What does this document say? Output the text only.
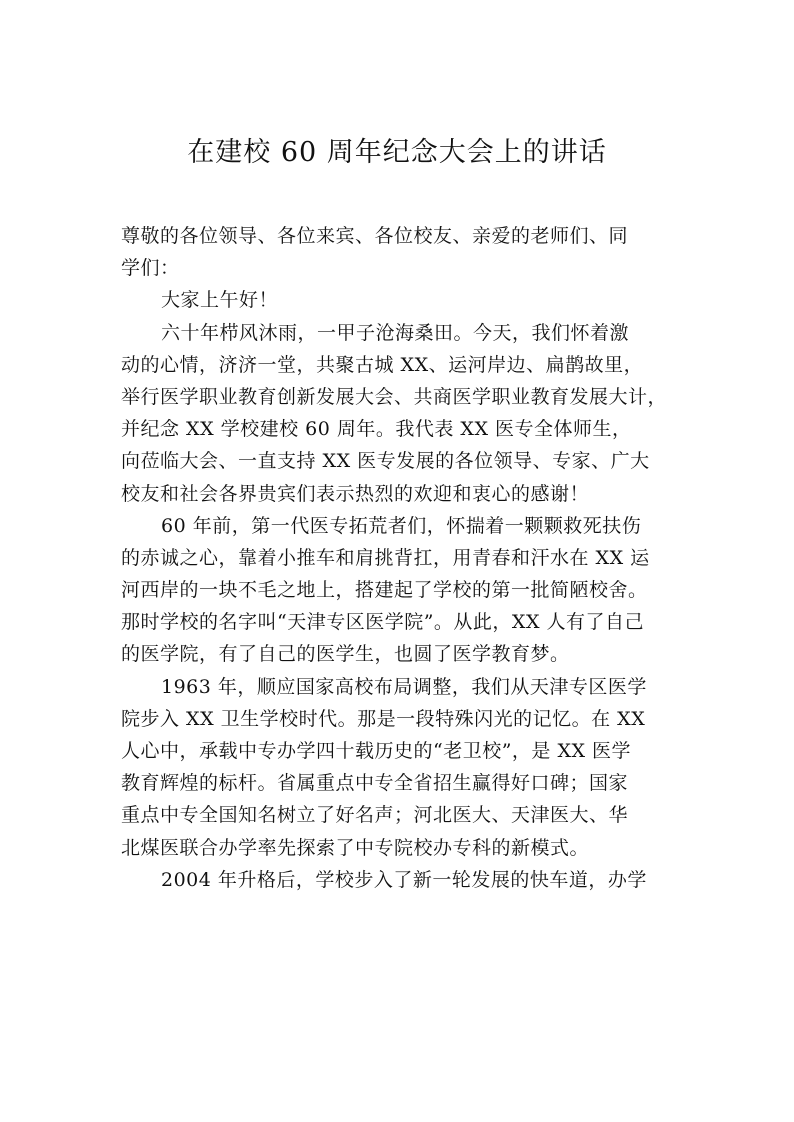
在建校 60 周年纪念大会上的讲话
尊敬的各位领导、各位来宾、各位校友、亲爱的老师们、同
学们：
大家上午好！
六十年栉风沐雨，一甲子沧海桑田。今天，我们怀着激
动的心情，济济一堂，共聚古城 XX、运河岸边、扁鹊故里，
举行医学职业教育创新发展大会、共商医学职业教育发展大计，
并纪念 XX 学校建校 60 周年。我代表 XX 医专全体师生，
向莅临大会、一直支持 XX 医专发展的各位领导、专家、广大
校友和社会各界贵宾们表示热烈的欢迎和衷心的感谢！
60 年前，第一代医专拓荒者们，怀揣着一颗颗救死扶伤
的赤诚之心，靠着小推车和肩挑背扛，用青春和汗水在 XX 运
河西岸的一块不毛之地上，搭建起了学校的第一批简陋校舍。
那时学校的名字叫“天津专区医学院”。从此，XX 人有了自己
的医学院，有了自己的医学生，也圆了医学教育梦。
1963 年，顺应国家高校布局调整，我们从天津专区医学
院步入 XX 卫生学校时代。那是一段特殊闪光的记忆。在 XX
人心中，承载中专办学四十载历史的“老卫校”，是 XX 医学
教育辉煌的标杆。省属重点中专全省招生赢得好口碑；国家
重点中专全国知名树立了好名声；河北医大、天津医大、华
北煤医联合办学率先探索了中专院校办专科的新模式。
2004 年升格后，学校步入了新一轮发展的快车道，办学
